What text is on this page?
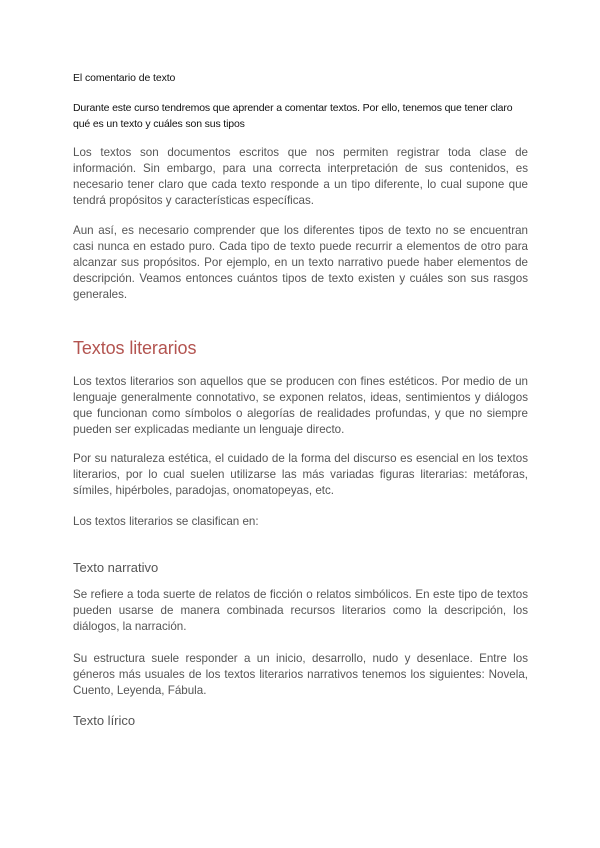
El comentario de texto
Durante este curso tendremos que aprender a comentar textos. Por ello, tenemos que tener claro qué es un texto y cuáles son sus tipos
Los textos son documentos escritos que nos permiten registrar toda clase de información. Sin embargo, para una correcta interpretación de sus contenidos, es necesario tener claro que cada texto responde a un tipo diferente, lo cual supone que tendrá propósitos y características específicas.
Aun así, es necesario comprender que los diferentes tipos de texto no se encuentran casi nunca en estado puro. Cada tipo de texto puede recurrir a elementos de otro para alcanzar sus propósitos. Por ejemplo, en un texto narrativo puede haber elementos de descripción. Veamos entonces cuántos tipos de texto existen y cuáles son sus rasgos generales.
Textos literarios
Los textos literarios son aquellos que se producen con fines estéticos. Por medio de un lenguaje generalmente connotativo, se exponen relatos, ideas, sentimientos y diálogos que funcionan como símbolos o alegorías de realidades profundas, y que no siempre pueden ser explicadas mediante un lenguaje directo.
Por su naturaleza estética, el cuidado de la forma del discurso es esencial en los textos literarios, por lo cual suelen utilizarse las más variadas figuras literarias: metáforas, símiles, hipérboles, paradojas, onomatopeyas, etc.
Los textos literarios se clasifican en:
Texto narrativo
Se refiere a toda suerte de relatos de ficción o relatos simbólicos. En este tipo de textos pueden usarse de manera combinada recursos literarios como la descripción, los diálogos, la narración.
Su estructura suele responder a un inicio, desarrollo, nudo y desenlace. Entre los géneros más usuales de los textos literarios narrativos tenemos los siguientes: Novela, Cuento, Leyenda, Fábula.
Texto lírico
